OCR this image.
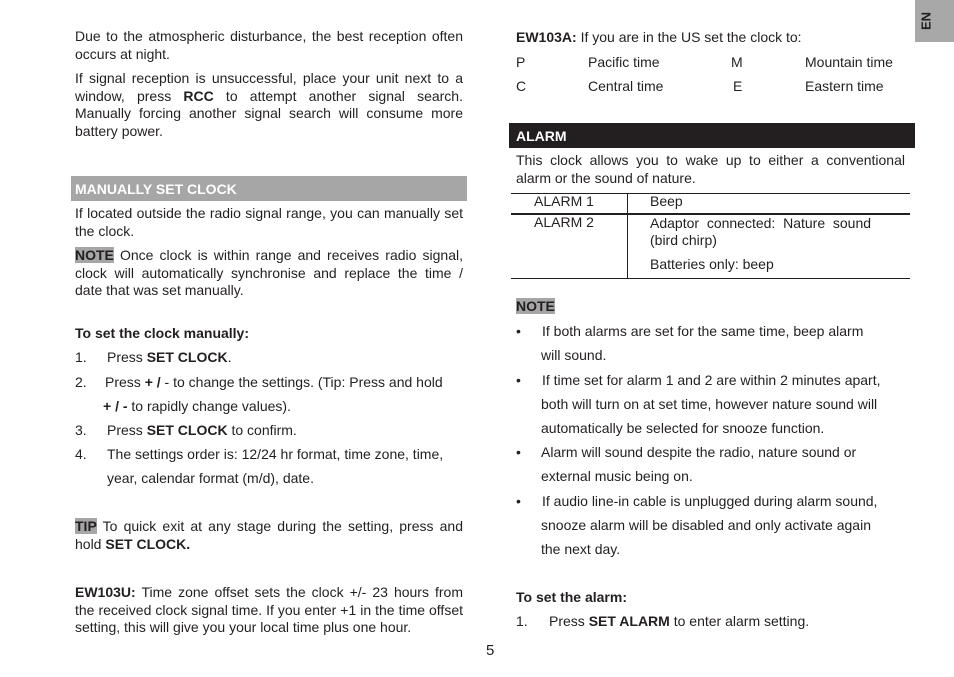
EN

Due to the atmospheric disturbance, the best reception often occurs at night.

If signal reception is unsuccessful, place your unit next to a window, press RCC to attempt another signal search. Manually forcing another signal search will consume more battery power.

MANUALLY SET CLOCK

If located outside the radio signal range, you can manually set the clock.

NOTE Once clock is within range and receives radio signal, clock will automatically synchronise and replace the time / date that was set manually.

To set the clock manually:
1. Press SET CLOCK.
2. Press + / - to change the settings. (Tip: Press and hold
+ / - to rapidly change values).
3. Press SET CLOCK to confirm.
4. The settings order is: 12/24 hr format, time zone, time,
year, calendar format (m/d), date.

TIP To quick exit at any stage during the setting, press and hold SET CLOCK.

EW103U: Time zone offset sets the clock +/- 23 hours from the received clock signal time. If you enter +1 in the time offset setting, this will give you your local time plus one hour.

5
EW103A: If you are in the US set the clock to:
P	Pacific time	M	Mountain time
C	Central time	E	Eastern time
ALARM

This clock allows you to wake up to either a conventional alarm or the sound of nature.

ALARM 1	Beep
ALARM 2	Adaptor  connected:  Nature  sound
(bird chirp)
Batteries only: beep
NOTE
• If both alarms are set for the same time, beep alarm
will sound.
• If time set for alarm 1 and 2 are within 2 minutes apart,
both will turn on at set time, however nature sound will
automatically be selected for snooze function.
• Alarm will sound despite the radio, nature sound or
external music being on.
• If audio line-in cable is unplugged during alarm sound,
snooze alarm will be disabled and only activate again
the next day.
To set the alarm:
1. Press SET ALARM to enter alarm setting.
